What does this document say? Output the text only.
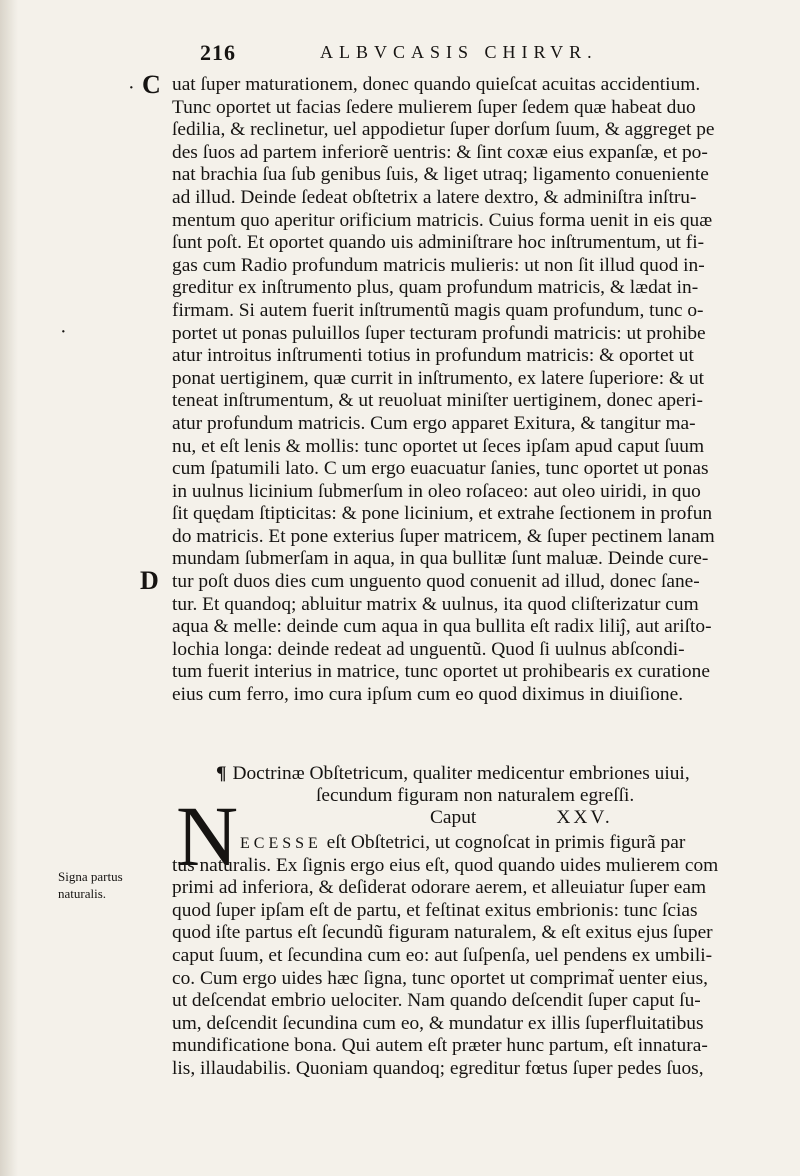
216	ALBVCASIS CHIRVR.
C
·
·
D
uat ſuper maturationem, donec quando quieſcat acuitas accidentium.
Tunc oportet ut facias ſedere mulierem ſuper ſedem quæ habeat duo
ſedilia, & reclinetur, uel appodietur ſuper dorſum ſuum, & aggreget pe
des ſuos ad partem inferiorẽ uentris: & ſint coxæ eius expanſæ, et po-
nat brachia ſua ſub genibus ſuis, & liget utraq; ligamento conueniente
ad illud. Deinde ſedeat obſtetrix a latere dextro, & adminiſtra inſtru-
mentum quo aperitur orificium matricis. Cuius forma uenit in eis quæ
ſunt poſt. Et oportet quando uis adminiſtrare hoc inſtrumentum, ut fi-
gas cum Radio profundum matricis mulieris: ut non ſit illud quod in-
greditur ex inſtrumento plus, quam profundum matricis, & lædat in-
firmam. Si autem fuerit inſtrumentũ magis quam profundum, tunc o-
portet ut ponas puluillos ſuper tecturam profundi matricis: ut prohibe
atur introitus inſtrumenti totius in profundum matricis: & oportet ut
ponat uertiginem, quæ currit in inſtrumento, ex latere ſuperiore: & ut
teneat inſtrumentum, & ut reuoluat miniſter uertiginem, donec aperi-
atur profundum matricis. Cum ergo apparet Exitura, & tangitur ma-
nu, et eſt lenis & mollis: tunc oportet ut ſeces ipſam apud caput ſuum
cum ſpatumili lato. C um ergo euacuatur ſanies, tunc oportet ut ponas
in uulnus licinium ſubmerſum in oleo roſaceo: aut oleo uiridi, in quo
ſit quędam ſtipticitas: & pone licinium, et extrahe ſectionem in profun
do matricis. Et pone exterius ſuper matricem, & ſuper pectinem lanam
mundam ſubmerſam in aqua, in qua bullitæ ſunt maluæ. Deinde cure-
tur poſt duos dies cum unguento quod conuenit ad illud, donec ſane-
tur. Et quandoq; abluitur matrix & uulnus, ita quod cliſterizatur cum
aqua & melle: deinde cum aqua in qua bullita eſt radix liliĵ, aut ariſto-
lochia longa: deinde redeat ad unguentũ. Quod ſi uulnus abſcondi-
tum fuerit interius in matrice, tunc oportet ut prohibearis ex curatione
eius cum ferro, imo cura ipſum cum eo quod diximus in diuiſione.
¶ Doctrinæ Obſtetricum, qualiter medicentur embriones uiui,
ſecundum figuram non naturalem egreſſi.
Caput	XXV.
N ECESSE eſt Obſtetrici, ut cognoſcat in primis figurã par
tus naturalis. Ex ſignis ergo eius eſt, quod quando uides mulierem com
primi ad inferiora, & deſiderat odorare aerem, et alleuiatur ſuper eam
quod ſuper ipſam eſt de partu, et feſtinat exitus embrionis: tunc ſcias
quod iſte partus eſt ſecundũ figuram naturalem, & eſt exitus ejus ſuper
caput ſuum, et ſecundina cum eo: aut ſuſpenſa, uel pendens ex umbili-
co. Cum ergo uides hæc ſigna, tunc oportet ut comprimat̃ uenter eius,
ut deſcendat embrio uelociter. Nam quando deſcendit ſuper caput ſu-
um, deſcendit ſecundina cum eo, & mundatur ex illis ſuperfluitatibus
mundificatione bona. Qui autem eſt præter hunc partum, eſt innatura-
lis, illaudabilis. Quoniam quandoq; egreditur fœtus ſuper pedes ſuos,
Signa partus
naturalis.
